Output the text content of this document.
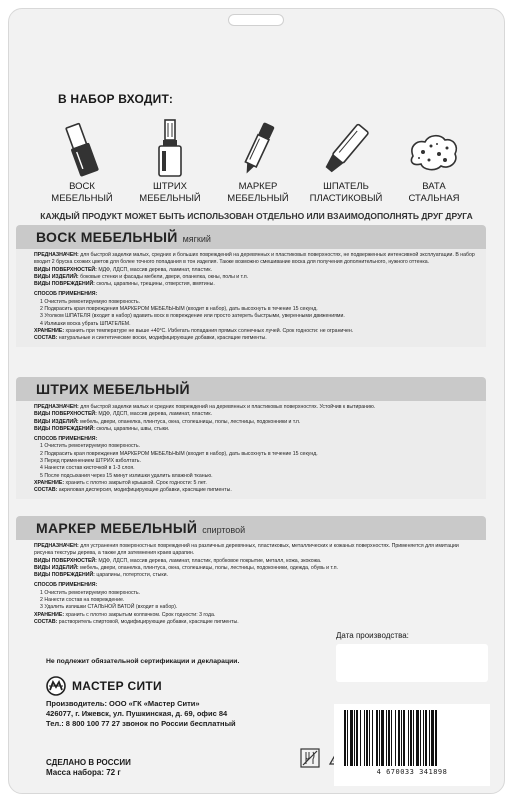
В НАБОР ВХОДИТ:
ВОСК
МЕБЕЛЬНЫЙ
ШТРИХ
МЕБЕЛЬНЫЙ
МАРКЕР
МЕБЕЛЬНЫЙ
ШПАТЕЛЬ
ПЛАСТИКОВЫЙ
ВАТА
СТАЛЬНАЯ
КАЖДЫЙ ПРОДУКТ МОЖЕТ БЫТЬ ИСПОЛЬЗОВАН ОТДЕЛЬНО ИЛИ ВЗАИМОДОПОЛНЯТЬ ДРУГ ДРУГА
ВОСК МЕБЕЛЬНЫЙ мягкий
ПРЕДНАЗНАЧЕН: для быстрой заделки малых, средних и больших повреждений на деревянных и пластиковых поверхностях, не подверженных интенсивной эксплуатации. В набор входит 2 бруска схожих цветов для более точного попадания в тон изделия. Также возможно смешивание воска для получения дополнительного, нужного оттенка.
ВИДЫ ПОВЕРХНОСТЕЙ: МДФ, ЛДСП, массив дерева, ламинат, пластик.
ВИДЫ ИЗДЕЛИЙ: боковые стенки и фасады мебели, двери, опанелка, окны, полы и т.п.
ВИДЫ ПОВРЕЖДЕНИЙ: сколы, царапины, трещины, отверстия, вмятины.
СПОСОБ ПРИМЕНЕНИЯ:
1 Очистить ремонтируемую поверхность.
2 Подкрасить края повреждения МАРКЕРОМ МЕБЕЛЬНЫМ (входит в набор), дать высохнуть в течение 15 секунд.
3 Уголком ШПАТЕЛЯ (входит в набор) вдавить воск в повреждение или просто затереть быстрыми, уверенными движениями.
4 Излишки воска убрать ШПАТЕЛЕМ.
ХРАНЕНИЕ: хранить при температуре не выше +40°С. Избегать попадания прямых солнечных лучей. Срок годности: не ограничен.
СОСТАВ: натуральные и синтетические воски, модифицирующие добавки, красящие пигменты.
ШТРИХ МЕБЕЛЬНЫЙ
ПРЕДНАЗНАЧЕН: для быстрой заделки малых и средних повреждений на деревянных и пластиковых поверхностях. Устойчив к вытиранию.
ВИДЫ ПОВЕРХНОСТЕЙ: МДФ, ЛДСП, массив дерева, ламинат, пластик.
ВИДЫ ИЗДЕЛИЙ: мебель, двери, опанелка, плинтуса, окна, столешницы, полы, лестницы, подоконники и т.п.
ВИДЫ ПОВРЕЖДЕНИЙ: сколы, царапины, швы, стыки.
СПОСОБ ПРИМЕНЕНИЯ:
1 Очистить ремонтируемую поверхность.
2 Подкрасить края повреждения МАРКЕРОМ МЕБЕЛЬНЫМ (входит в набор), дать высохнуть в течение 15 секунд.
3 Перед применением ШТРИХ взболтать.
4 Нанести состав кисточкой в 1-3 слоя.
5 После подсыхания через 15 минут излишки удалить влажной тканью.
ХРАНЕНИЕ: хранить с плотно закрытой крышкой. Срок годности: 5 лет.
СОСТАВ: акриловая дисперсия, модифицирующие добавки, красящие пигменты.
МАРКЕР МЕБЕЛЬНЫЙ спиртовой
ПРЕДНАЗНАЧЕН: для устранения поверхностных повреждений на различных деревянных, пластиковых, металлических и кожаных поверхностях. Применяется для имитации рисунка текстуры дерева, а также для затемнения краев царапин.
ВИДЫ ПОВЕРХНОСТЕЙ: МДФ, ЛДСП, массив дерева, ламинат, пластик, пробковое покрытие, металл, кожа, экокожа.
ВИДЫ ИЗДЕЛИЙ: мебель, двери, опанелка, плинтуса, окна, столешницы, полы, лестницы, подоконники, одежда, обувь и т.п.
ВИДЫ ПОВРЕЖДЕНИЙ: царапины, потертости, стыки.
СПОСОБ ПРИМЕНЕНИЯ:
1 Очистить ремонтируемую поверхность.
2 Нанести состав на повреждение.
3 Удалить излишки СТАЛЬНОЙ ВАТОЙ (входит в набор).
ХРАНЕНИЕ: хранить с плотно закрытым колпачком. Срок годности: 3 года.
СОСТАВ: растворитель спиртовой, модифицирующие добавки, красящие пигменты.
Дата производства:
Не подлежит обязательной сертификации и декларации.
МАСТЕР СИТИ
Производитель: ООО «ГК «Мастер Сити»
426077, г. Ижевск, ул. Пушкинская, д. 69, офис 84
Тел.: 8 800 100 77 27 звонок по России бесплатный
СДЕЛАНО В РОССИИ
Масса набора: 72 г	4 670033 341898
